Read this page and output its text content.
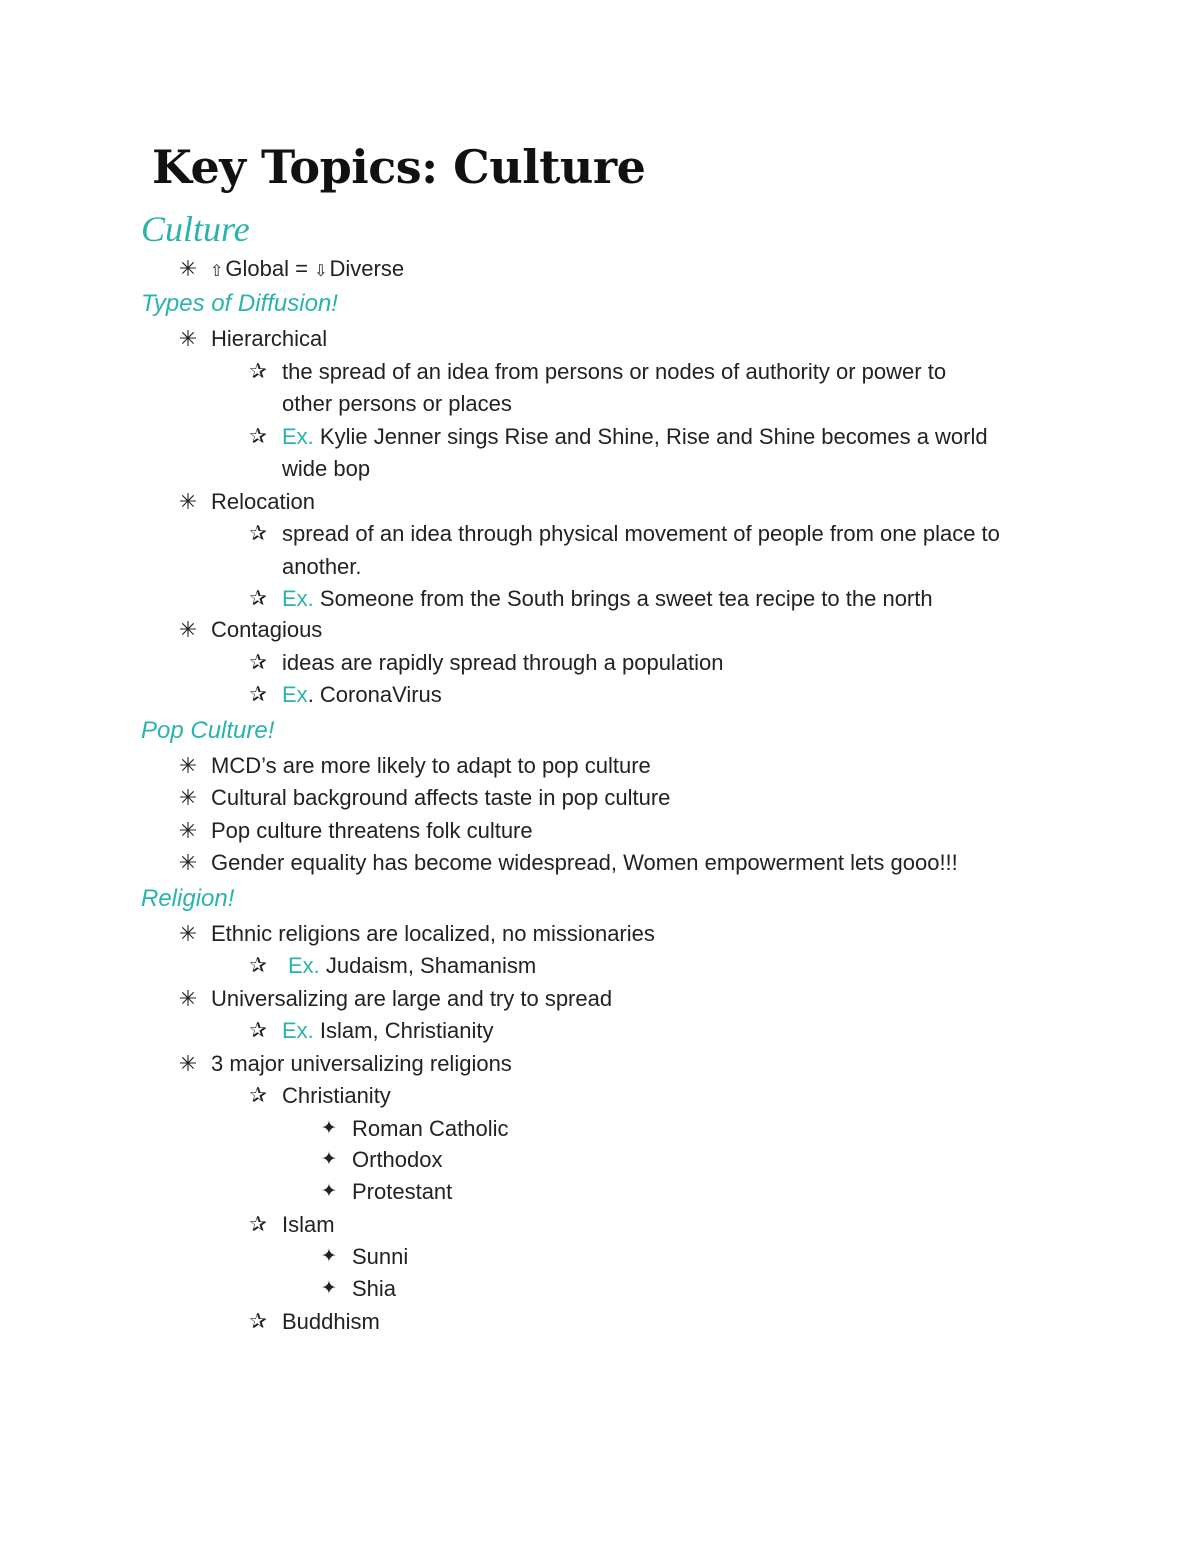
Key Topics: Culture
Culture
✳ ⇧Global = ⇩Diverse
Types of Diffusion!
✳ Hierarchical
✰ the spread of an idea from persons or nodes of authority or power to
other persons or places
✰ Ex. Kylie Jenner sings Rise and Shine, Rise and Shine becomes a world
wide bop
✳ Relocation
✰ spread of an idea through physical movement of people from one place to
another.
✰ Ex. Someone from the South brings a sweet tea recipe to the north
✳ Contagious
✰ ideas are rapidly spread through a population
✰ Ex. CoronaVirus
Pop Culture!
✳ MCD’s are more likely to adapt to pop culture
✳ Cultural background affects taste in pop culture
✳ Pop culture threatens folk culture
✳ Gender equality has become widespread, Women empowerment lets gooo!!!
Religion!
✳ Ethnic religions are localized, no missionaries
✰ Ex. Judaism, Shamanism
✳ Universalizing are large and try to spread
✰ Ex. Islam, Christianity
✳ 3 major universalizing religions
✰ Christianity
✦ Roman Catholic
✦ Orthodox
✦ Protestant
✰ Islam
✦ Sunni
✦ Shia
✰ Buddhism
